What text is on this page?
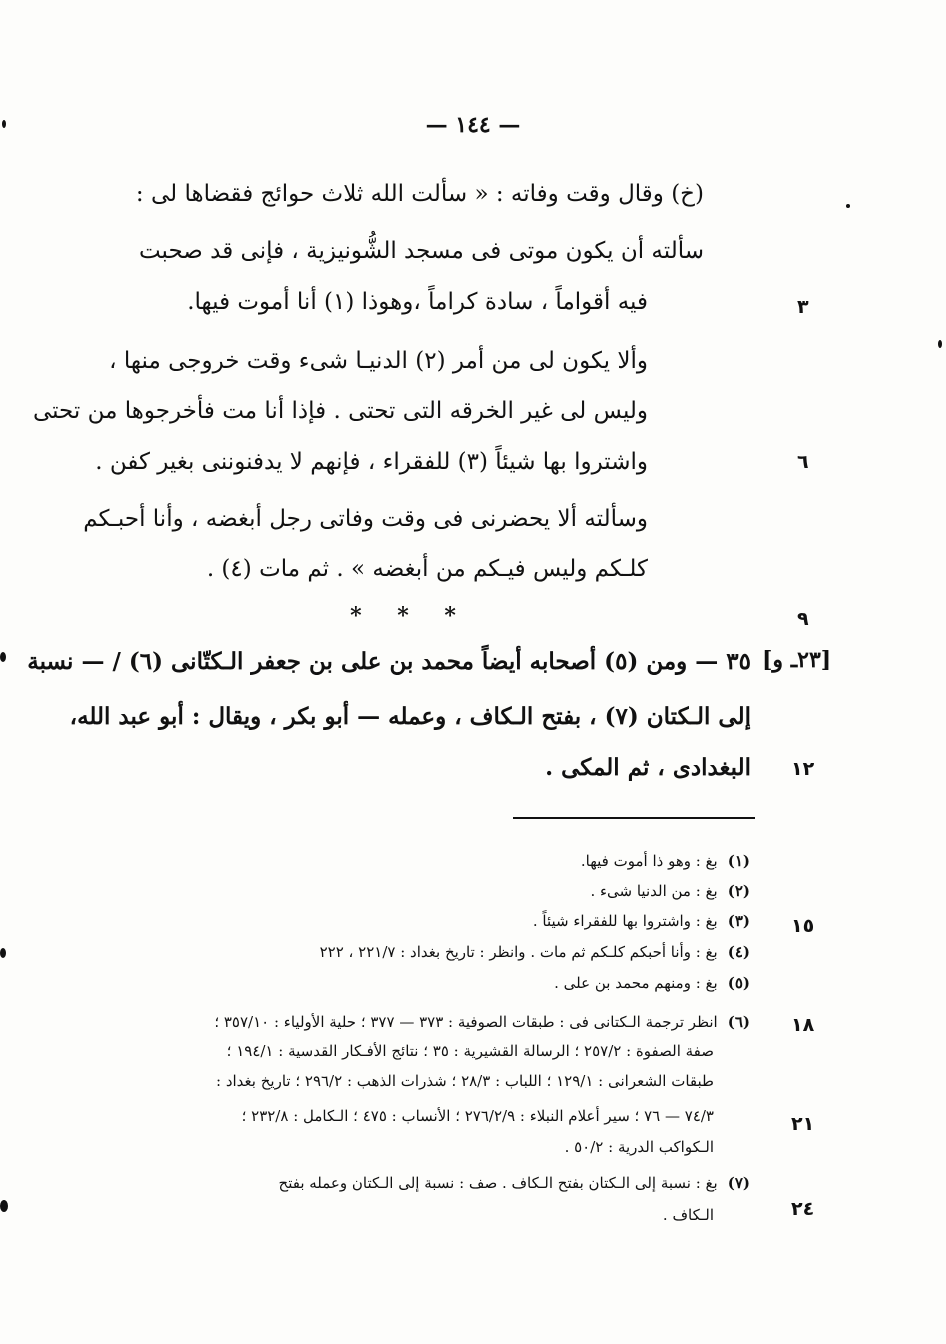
— ١٤٤ —
(خ) وقال وقت وفاته : « سألت الله ثلاث حوائج فقضاها لى :
سألته أن يكون موتى فى مسجد الشُّونيزية ، فإنى قد صحبت
فيه أقواماً ، سادة كراماً ،وهوذا (١) أنا أموت فيها.
وألا يكون لى من أمر (٢) الدنيـا شىء وقت خروجى منها ،
وليس لى غير الخرقه التى تحتى . فإذا أنا مت فأخرجوها من تحتى
واشتروا بها شيئاً (٣) للفقراء ، فإنهم لا يدفنوننى بغير كفن .
وسألته ألا يحضرنى فى وقت وفاتى رجل أبغضه ، وأنا أحبـكم
كلـكم وليس فيـكم من أبغضه » . ثم مات (٤) .
* * *
[٢٣ـ و]
٣٥ — ومن (٥) أصحابه أيضاً محمد بن على بن جعفر الـكتّانى (٦) / — نسبة
إلى الـكتان (٧) ، بفتح الـكاف ، وعمله — أبو بكر ، ويقال : أبو عبد الله،
البغدادى ، ثم المكى .
٣
٦
٩
١٢
١٥
١٨
٢١
٢٤
(١)بغ : وهو ذا أموت فيها.
(٢)بغ : من الدنيا شىء .
(٣)بغ : واشتروا بها للفقراء شيئاً .
(٤)بغ : وأنا أحبكم كلـكم ثم مات . وانظر : تاريخ بغداد : ٢٢١/٧ ، ٢٢٢
(٥)بغ : ومنهم محمد بن على .
(٦)انظر ترجمة الـكتانى فى : طبقات الصوفية : ٣٧٣ — ٣٧٧ ؛ حلية الأولياء : ٣٥٧/١٠ ؛
صفة الصفوة : ٢٥٧/٢ ؛ الرسالة القشيرية : ٣٥ ؛ نتائج الأفـكار القدسية : ١٩٤/١ ؛
طبقات الشعرانى : ١٢٩/١ ؛ اللباب : ٢٨/٣ ؛ شذرات الذهب : ٢٩٦/٢ ؛ تاريخ بغداد :
٧٤/٣ — ٧٦ ؛ سير أعلام النبلاء : ٢٧٦/٢/٩ ؛ الأنساب : ٤٧٥ ؛ الـكامل : ٢٣٢/٨ ؛
الـكواكب الدرية : ٥٠/٢ .
(٧)بغ : نسبة إلى الـكتان بفتح الـكاف . صف : نسبة إلى الـكتان وعمله بفتح
الـكاف .
